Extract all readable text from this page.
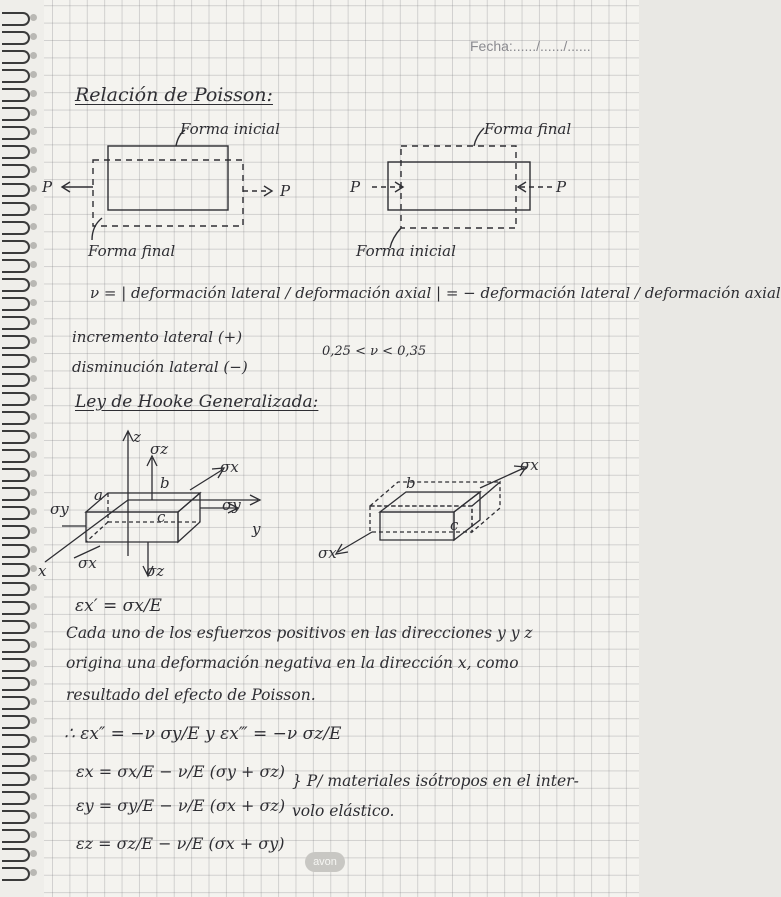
Fecha:....../....../......
Relación de Poisson:
Forma inicial	Forma final
P	P	P	P
Forma final	Forma inicial
ν = | deformación lateral / deformación axial | = − deformación lateral / deformación axial
incremento lateral (+)
disminución lateral (−)
0,25 < ν < 0,35
Ley de Hooke Generalizada:
z
σz
b
σx
a
σy	σy
c
y
σx	σz
x
b
σx
c
σx
εx′ = σx/E
Cada uno de los esfuerzos positivos en las direcciones y y z
origina una deformación negativa en la dirección x, como
resultado del efecto de Poisson.
∴ εx″ = −ν σy/E y εx‴ = −ν σz/E
εx = σx/E − ν/E (σy + σz)
εy = σy/E − ν/E (σx + σz)
εz = σz/E − ν/E (σx + σy)
} P/ materiales isótropos en el inter-
volo elástico.
avon
